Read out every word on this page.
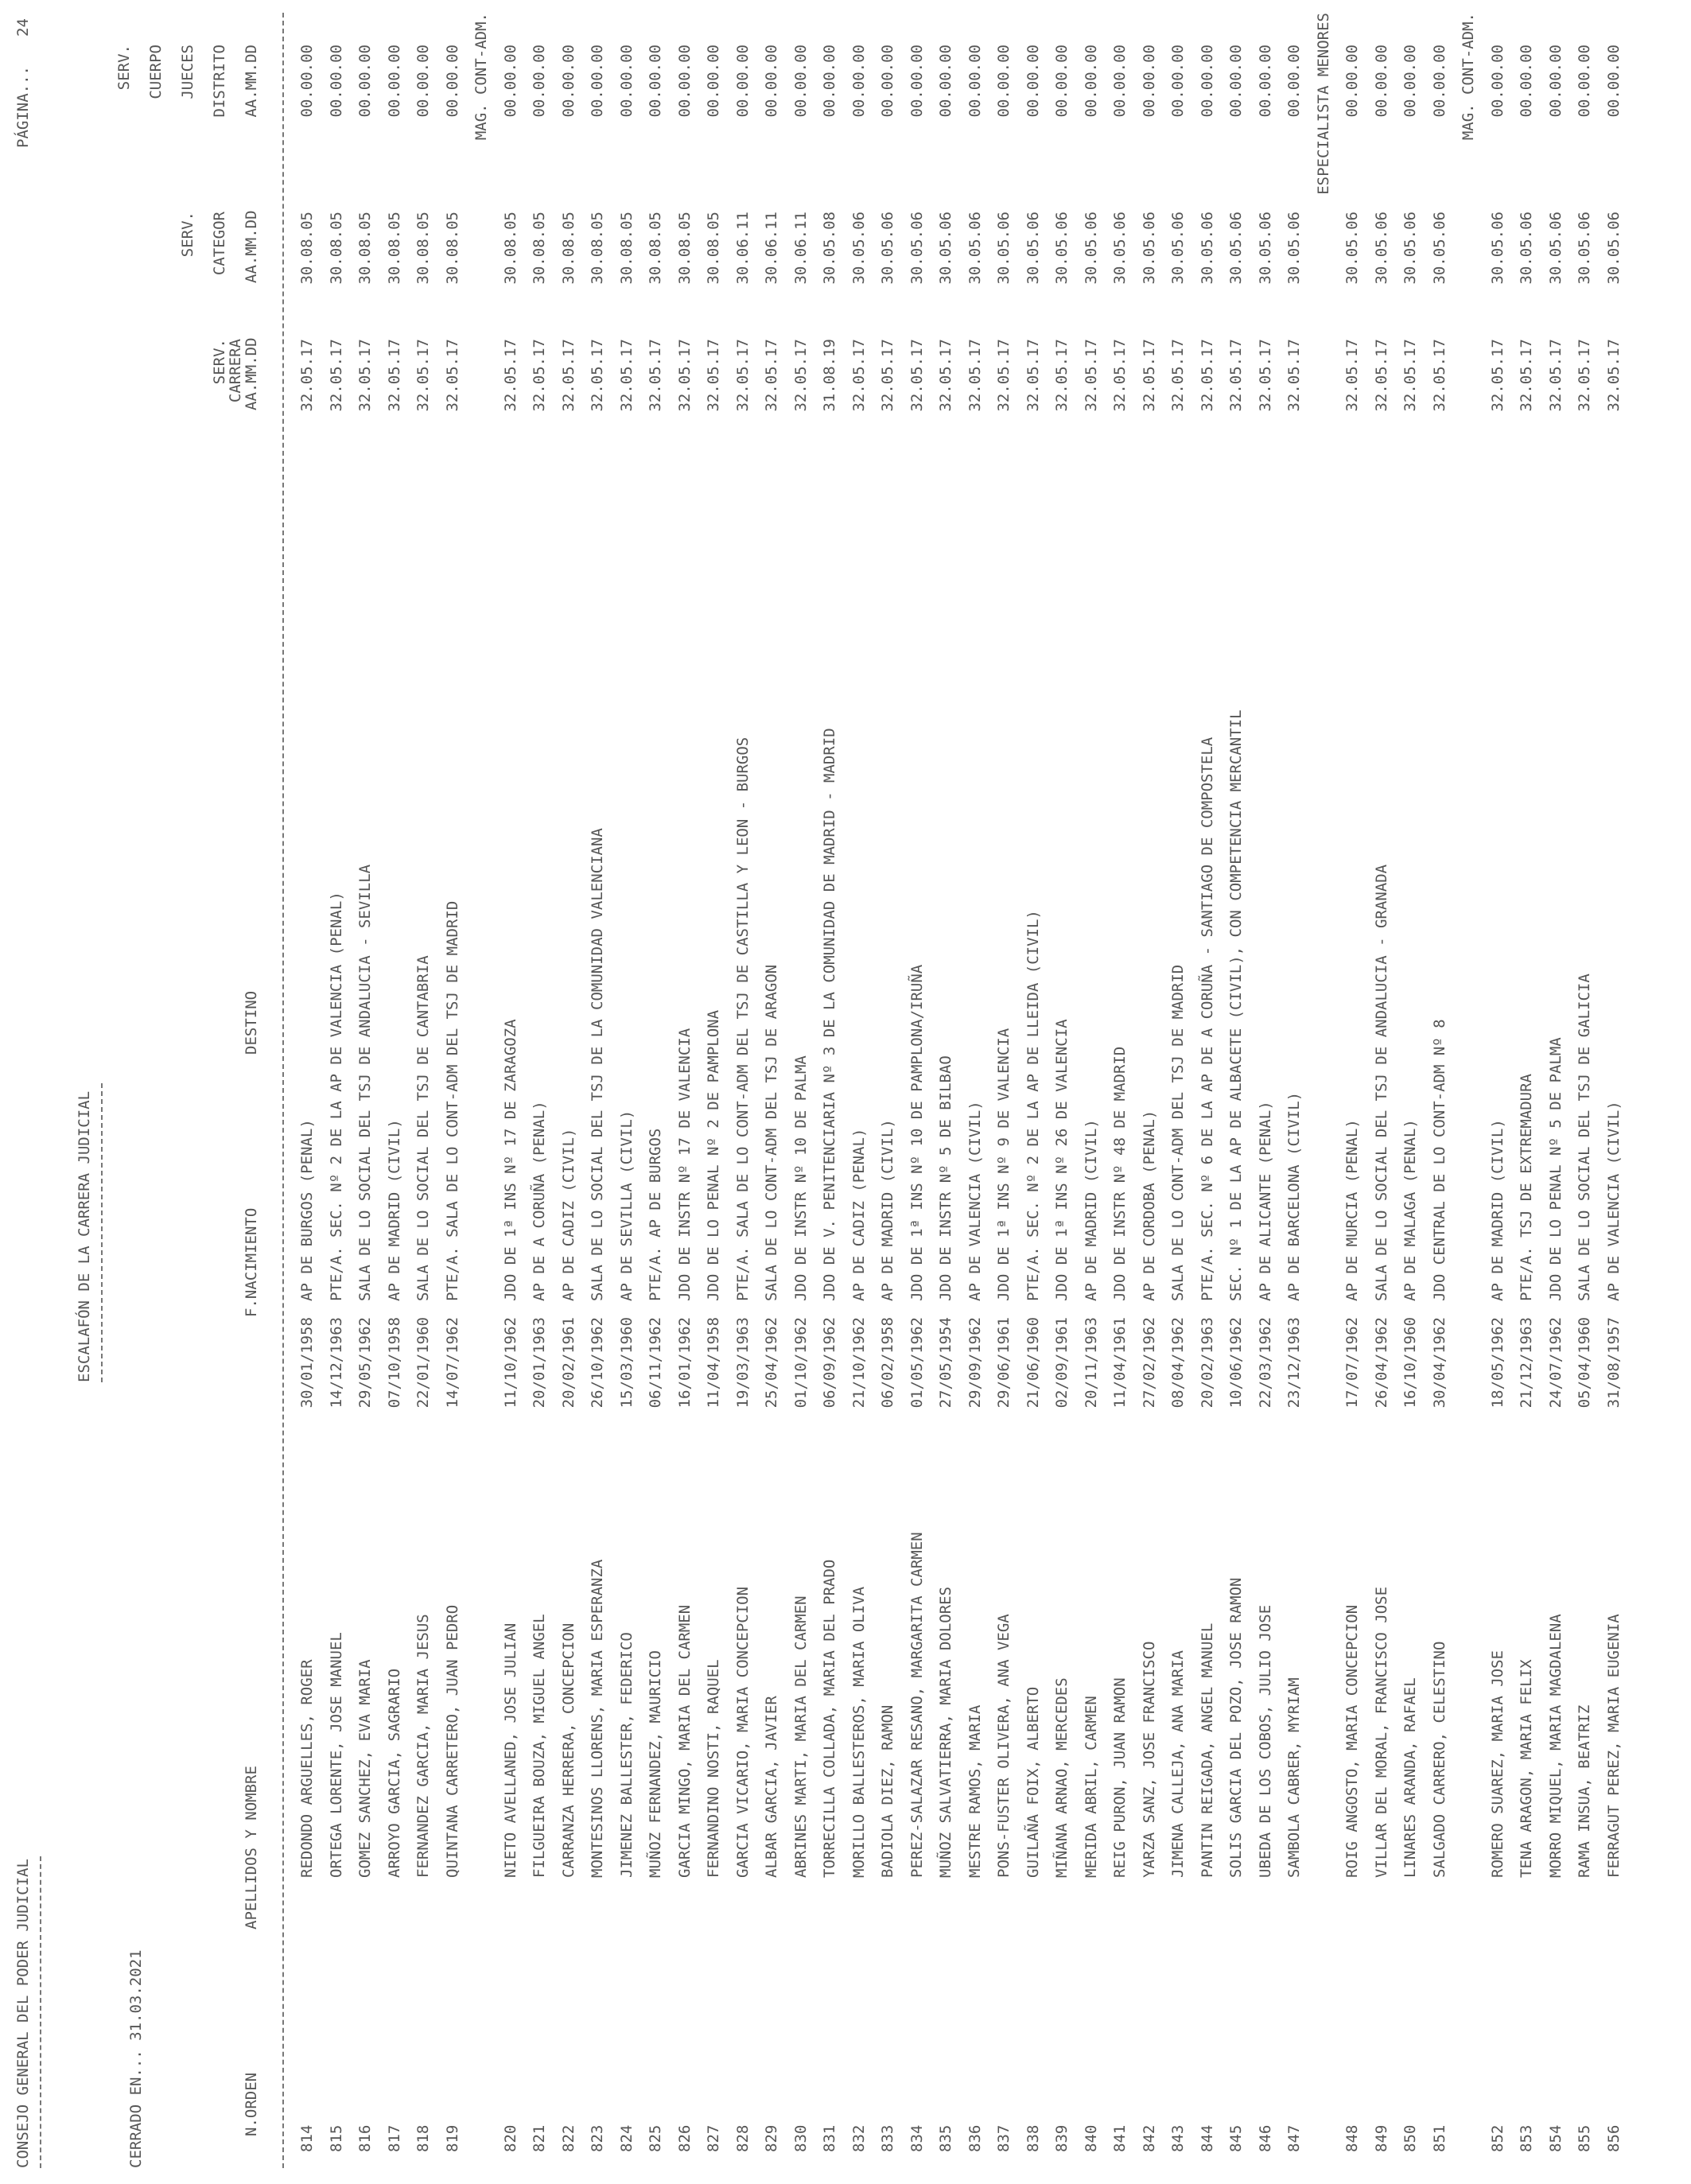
CONSEJO GENERAL DEL PODER JUDICIAL
PÁGINA...
24
ESCALAFÓN DE LA CARRERA JUDICIAL
CERRADO EN... 31.03.2021	N.ORDEN
APELLIDOS Y NOMBRE
F.NACIMIENTO
DESTINO
SERV.
CARRERA
AA.MM.DD
SERV. CATEGOR AA.MM.DD
SERV. CUERPO JUECES DISTRITO AA.MM.DD
814
REDONDO ARGUELLES, ROGER
30/01/1958
AP DE BURGOS (PENAL)
32.05.17
30.08.05
00.00.00
815
ORTEGA LORENTE, JOSE MANUEL
14/12/1963
PTE/A. SEC. Nº 2 DE LA AP DE VALENCIA (PENAL)
32.05.17
30.08.05
00.00.00
816
GOMEZ SANCHEZ, EVA MARIA
29/05/1962
SALA DE LO SOCIAL DEL TSJ DE ANDALUCIA - SEVILLA
32.05.17
30.08.05
00.00.00
817
ARROYO GARCIA, SAGRARIO
07/10/1958
AP DE MADRID (CIVIL)
32.05.17
30.08.05
00.00.00
818
FERNANDEZ GARCIA, MARIA JESUS
22/01/1960
SALA DE LO SOCIAL DEL TSJ DE CANTABRIA
32.05.17
30.08.05
00.00.00
819
QUINTANA CARRETERO, JUAN PEDRO
14/07/1962
PTE/A. SALA DE LO CONT-ADM DEL TSJ DE MADRID
32.05.17
30.08.05
00.00.00 MAG. CONT-ADM.
820
NIETO AVELLANED, JOSE JULIAN
11/10/1962
JDO DE 1ª INS Nº 17 DE ZARAGOZA
32.05.17
30.08.05
00.00.00
821
FILGUEIRA BOUZA, MIGUEL ANGEL
20/01/1963
AP DE A CORUÑA (PENAL)
32.05.17
30.08.05
00.00.00
822
CARRANZA HERRERA, CONCEPCION
20/02/1961
AP DE CADIZ (CIVIL)
32.05.17
30.08.05
00.00.00
823
MONTESINOS LLORENS, MARIA ESPERANZA
26/10/1962
SALA DE LO SOCIAL DEL TSJ DE LA COMUNIDAD VALENCIANA
32.05.17
30.08.05
00.00.00
824
JIMENEZ BALLESTER, FEDERICO
15/03/1960
AP DE SEVILLA (CIVIL)
32.05.17
30.08.05
00.00.00
825
MUÑOZ FERNANDEZ, MAURICIO
06/11/1962
PTE/A. AP DE BURGOS
32.05.17
30.08.05
00.00.00
826
GARCIA MINGO, MARIA DEL CARMEN
16/01/1962
JDO DE INSTR Nº 17 DE VALENCIA
32.05.17
30.08.05
00.00.00
827
FERNANDINO NOSTI, RAQUEL
11/04/1958
JDO DE LO PENAL Nº 2 DE PAMPLONA
32.05.17
30.08.05
00.00.00
828
GARCIA VICARIO, MARIA CONCEPCION
19/03/1963
PTE/A. SALA DE LO CONT-ADM DEL TSJ DE CASTILLA Y LEON - BURGOS
32.05.17
30.06.11
00.00.00
829
ALBAR GARCIA, JAVIER
25/04/1962
SALA DE LO CONT-ADM DEL TSJ DE ARAGON
32.05.17
30.06.11
00.00.00
830
ABRINES MARTI, MARIA DEL CARMEN
01/10/1962
JDO DE INSTR Nº 10 DE PALMA
32.05.17
30.06.11
00.00.00
831
TORRECILLA COLLADA, MARIA DEL PRADO
06/09/1962
JDO DE V. PENITENCIARIA Nº 3 DE LA COMUNIDAD DE MADRID - MADRID
31.08.19
30.05.08
00.00.00
832
MORILLO BALLESTEROS, MARIA OLIVA
21/10/1962
AP DE CADIZ (PENAL)
32.05.17
30.05.06
00.00.00
833
BADIOLA DIEZ, RAMON
06/02/1958
AP DE MADRID (CIVIL)
32.05.17
30.05.06
00.00.00
834
PEREZ-SALAZAR RESANO, MARGARITA CARMEN
01/05/1962
JDO DE 1ª INS Nº 10 DE PAMPLONA/IRUÑA
32.05.17
30.05.06
00.00.00
835
MUÑOZ SALVATIERRA, MARIA DOLORES
27/05/1954
JDO DE INSTR Nº 5 DE BILBAO
32.05.17
30.05.06
00.00.00
836
MESTRE RAMOS, MARIA
29/09/1962
AP DE VALENCIA (CIVIL)
32.05.17
30.05.06
00.00.00
837
PONS-FUSTER OLIVERA, ANA VEGA
29/06/1961
JDO DE 1ª INS Nº 9 DE VALENCIA
32.05.17
30.05.06
00.00.00
838
GUILAÑA FOIX, ALBERTO
21/06/1960
PTE/A. SEC. Nº 2 DE LA AP DE LLEIDA (CIVIL)
32.05.17
30.05.06
00.00.00
839
MIÑANA ARNAO, MERCEDES
02/09/1961
JDO DE 1ª INS Nº 26 DE VALENCIA
32.05.17
30.05.06
00.00.00
840
MERIDA ABRIL, CARMEN
20/11/1963
AP DE MADRID (CIVIL)
32.05.17
30.05.06
00.00.00
841
REIG PURON, JUAN RAMON
11/04/1961
JDO DE INSTR Nº 48 DE MADRID
32.05.17
30.05.06
00.00.00
842
YARZA SANZ, JOSE FRANCISCO
27/02/1962
AP DE CORDOBA (PENAL)
32.05.17
30.05.06
00.00.00
843
JIMENA CALLEJA, ANA MARIA
08/04/1962
SALA DE LO CONT-ADM DEL TSJ DE MADRID
32.05.17
30.05.06
00.00.00
844
PANTIN REIGADA, ANGEL MANUEL
20/02/1963
PTE/A. SEC. Nº 6 DE LA AP DE A CORUÑA - SANTIAGO DE COMPOSTELA
32.05.17
30.05.06
00.00.00
845
SOLIS GARCIA DEL POZO, JOSE RAMON
10/06/1962
SEC. Nº 1 DE LA AP DE ALBACETE (CIVIL), CON COMPETENCIA MERCANTIL
32.05.17
30.05.06
00.00.00
846
UBEDA DE LOS COBOS, JULIO JOSE
22/03/1962
AP DE ALICANTE (PENAL)
32.05.17
30.05.06
00.00.00
847
SAMBOLA CABRER, MYRIAM
23/12/1963
AP DE BARCELONA (CIVIL)
32.05.17
30.05.06
00.00.00 ESPECIALISTA MENORES
848
ROIG ANGOSTO, MARIA CONCEPCION
17/07/1962
AP DE MURCIA (PENAL)
32.05.17
30.05.06
00.00.00
849
VILLAR DEL MORAL, FRANCISCO JOSE
26/04/1962
SALA DE LO SOCIAL DEL TSJ DE ANDALUCIA - GRANADA
32.05.17
30.05.06
00.00.00
850
LINARES ARANDA, RAFAEL
16/10/1960
AP DE MALAGA (PENAL)
32.05.17
30.05.06
00.00.00
851
SALGADO CARRERO, CELESTINO
30/04/1962
JDO CENTRAL DE LO CONT-ADM Nº 8
32.05.17
30.05.06
00.00.00 MAG. CONT-ADM.
852
ROMERO SUAREZ, MARIA JOSE
18/05/1962
AP DE MADRID (CIVIL)
32.05.17
30.05.06
00.00.00
853
TENA ARAGON, MARIA FELIX
21/12/1963
PTE/A. TSJ DE EXTREMADURA
32.05.17
30.05.06
00.00.00
854
MORRO MIQUEL, MARIA MAGDALENA
24/07/1962
JDO DE LO PENAL Nº 5 DE PALMA
32.05.17
30.05.06
00.00.00
855
RAMA INSUA, BEATRIZ
05/04/1960
SALA DE LO SOCIAL DEL TSJ DE GALICIA
32.05.17
30.05.06
00.00.00
856
FERRAGUT PEREZ, MARIA EUGENIA
31/08/1957
AP DE VALENCIA (CIVIL)
32.05.17
30.05.06
00.00.00
